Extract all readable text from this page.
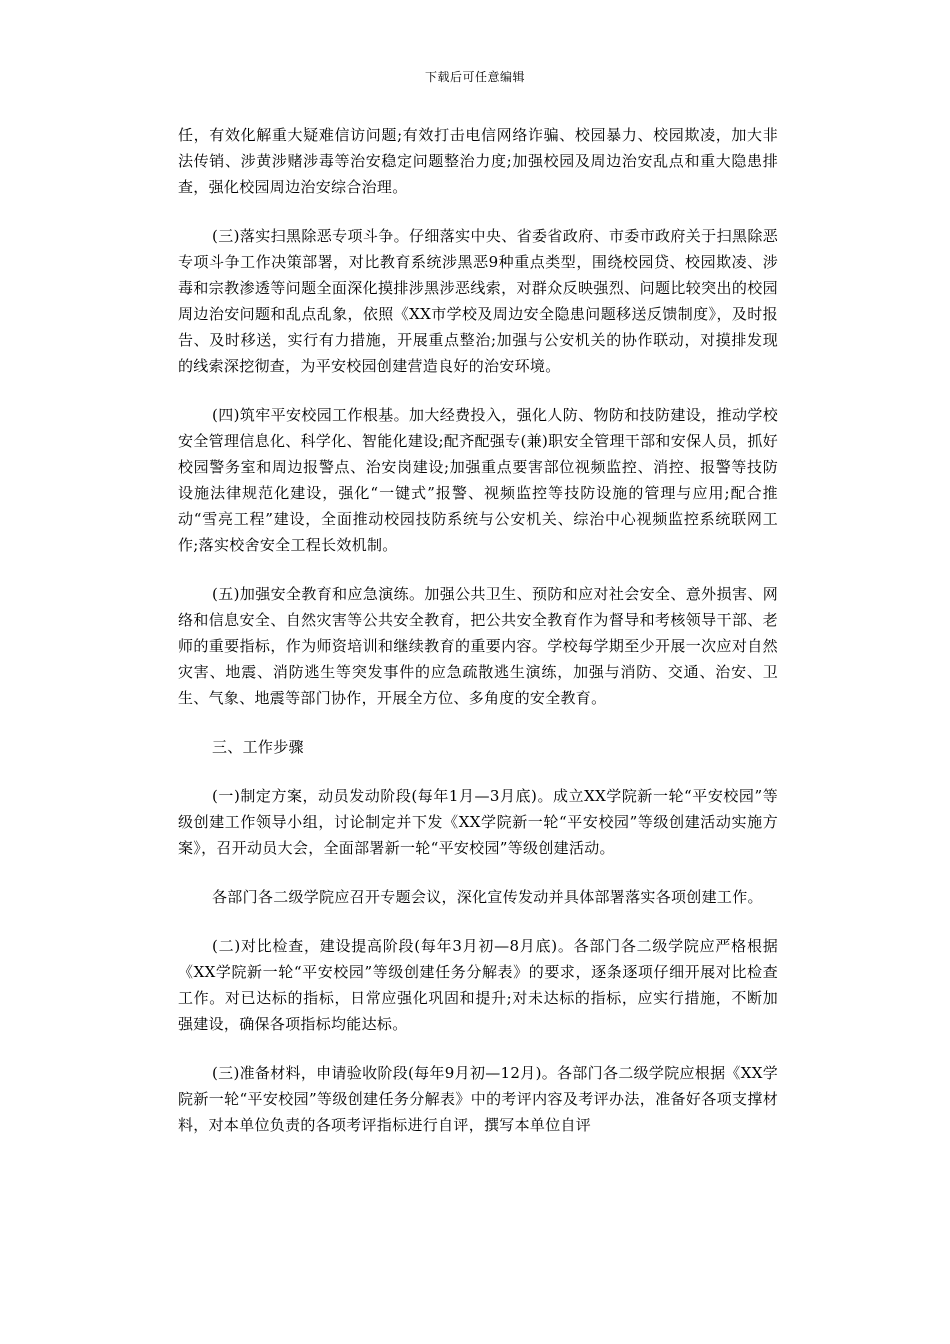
下载后可任意编辑

任，有效化解重大疑难信访问题;有效打击电信网络诈骗、校园暴力、校园欺凌，加大非法传销、涉黄涉赌涉毒等治安稳定问题整治力度;加强校园及周边治安乱点和重大隐患排查，强化校园周边治安综合治理。

(三)落实扫黑除恶专项斗争。仔细落实中央、省委省政府、市委市政府关于扫黑除恶专项斗争工作决策部署，对比教育系统涉黑恶9种重点类型，围绕校园贷、校园欺凌、涉毒和宗教渗透等问题全面深化摸排涉黑涉恶线索，对群众反映强烈、问题比较突出的校园周边治安问题和乱点乱象，依照《XX市学校及周边安全隐患问题移送反馈制度》，及时报告、及时移送，实行有力措施，开展重点整治;加强与公安机关的协作联动，对摸排发现的线索深挖彻查，为平安校园创建营造良好的治安环境。

(四)筑牢平安校园工作根基。加大经费投入，强化人防、物防和技防建设，推动学校安全管理信息化、科学化、智能化建设;配齐配强专(兼)职安全管理干部和安保人员，抓好校园警务室和周边报警点、治安岗建设;加强重点要害部位视频监控、消控、报警等技防设施法律规范化建设，强化“一键式”报警、视频监控等技防设施的管理与应用;配合推动“雪亮工程”建设，全面推动校园技防系统与公安机关、综治中心视频监控系统联网工作;落实校舍安全工程长效机制。

(五)加强安全教育和应急演练。加强公共卫生、预防和应对社会安全、意外损害、网络和信息安全、自然灾害等公共安全教育，把公共安全教育作为督导和考核领导干部、老师的重要指标，作为师资培训和继续教育的重要内容。学校每学期至少开展一次应对自然灾害、地震、消防逃生等突发事件的应急疏散逃生演练，加强与消防、交通、治安、卫生、气象、地震等部门协作，开展全方位、多角度的安全教育。

三、工作步骤

(一)制定方案，动员发动阶段(每年1月—3月底)。成立XX学院新一轮“平安校园”等级创建工作领导小组，讨论制定并下发《XX学院新一轮“平安校园”等级创建活动实施方案》，召开动员大会，全面部署新一轮“平安校园”等级创建活动。

各部门各二级学院应召开专题会议，深化宣传发动并具体部署落实各项创建工作。

(二)对比检查，建设提高阶段(每年3月初—8月底)。各部门各二级学院应严格根据《XX学院新一轮“平安校园”等级创建任务分解表》的要求，逐条逐项仔细开展对比检查工作。对已达标的指标，日常应强化巩固和提升;对未达标的指标，应实行措施，不断加强建设，确保各项指标均能达标。

(三)准备材料，申请验收阶段(每年9月初—12月)。各部门各二级学院应根据《XX学院新一轮“平安校园”等级创建任务分解表》中的考评内容及考评办法，准备好各项支撑材料，对本单位负责的各项考评指标进行自评，撰写本单位自评
